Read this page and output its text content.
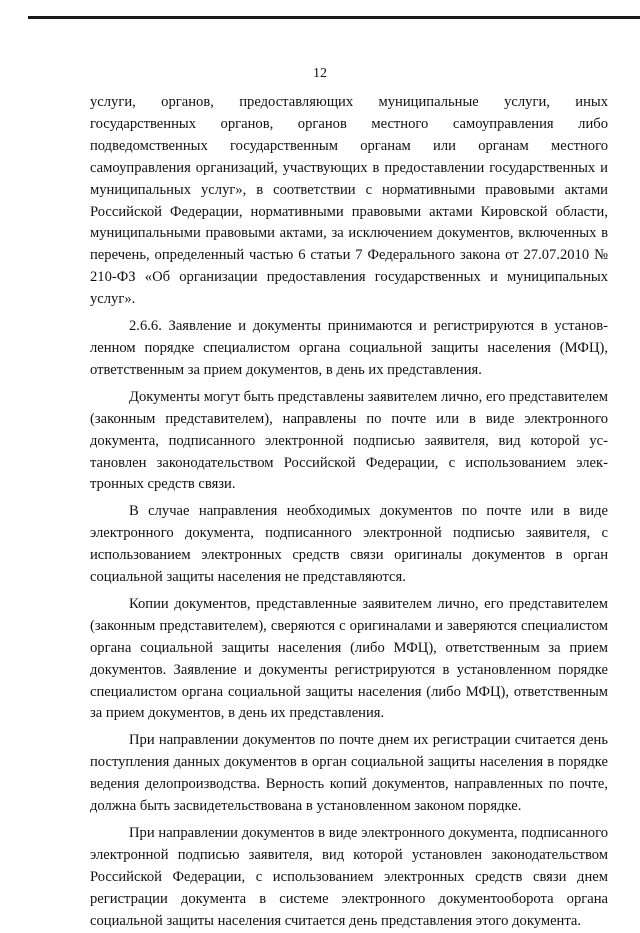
12

услуги, органов, предоставляющих муниципальные услуги, иных государственных органов, органов местного самоуправления либо подведомственных государственным органам или органам местного самоуправления организаций, участвующих в предоставлении государственных и муниципальных услуг», в соответствии с нормативными правовыми актами Российской Федерации, нормативными правовыми актами Кировской области, муниципальными правовыми актами, за исключением документов, включенных в перечень, определенный частью 6 статьи 7 Федерального закона от 27.07.2010 № 210-ФЗ «Об организации предоставления государственных и муниципальных услуг».

2.6.6. Заявление и документы принимаются и регистрируются в установленном порядке специалистом органа социальной защиты населения (МФЦ), ответственным за прием документов, в день их представления.

Документы могут быть представлены заявителем лично, его представителем (законным представителем), направлены по почте или в виде электронного документа, подписанного электронной подписью заявителя, вид которой установлен законодательством Российской Федерации, с использованием электронных средств связи.

В случае направления необходимых документов по почте или в виде электронного документа, подписанного электронной подписью заявителя, с использованием электронных средств связи оригиналы документов в орган социальной защиты населения не представляются.

Копии документов, представленные заявителем лично, его представителем (законным представителем), сверяются с оригиналами и заверяются специалистом органа социальной защиты населения (либо МФЦ), ответственным за прием документов. Заявление и документы регистрируются в установленном порядке специалистом органа социальной защиты населения (либо МФЦ), ответственным за прием документов, в день их представления.

При направлении документов по почте днем их регистрации считается день поступления данных документов в орган социальной защиты населения в порядке ведения делопроизводства. Верность копий документов, направленных по почте, должна быть засвидетельствована в установленном законом порядке.

При направлении документов в виде электронного документа, подписанного электронной подписью заявителя, вид которой установлен законодательством Российской Федерации, с использованием электронных средств связи днем регистрации документа в системе электронного документооборота органа социальной защиты населения считается день представления этого документа.
